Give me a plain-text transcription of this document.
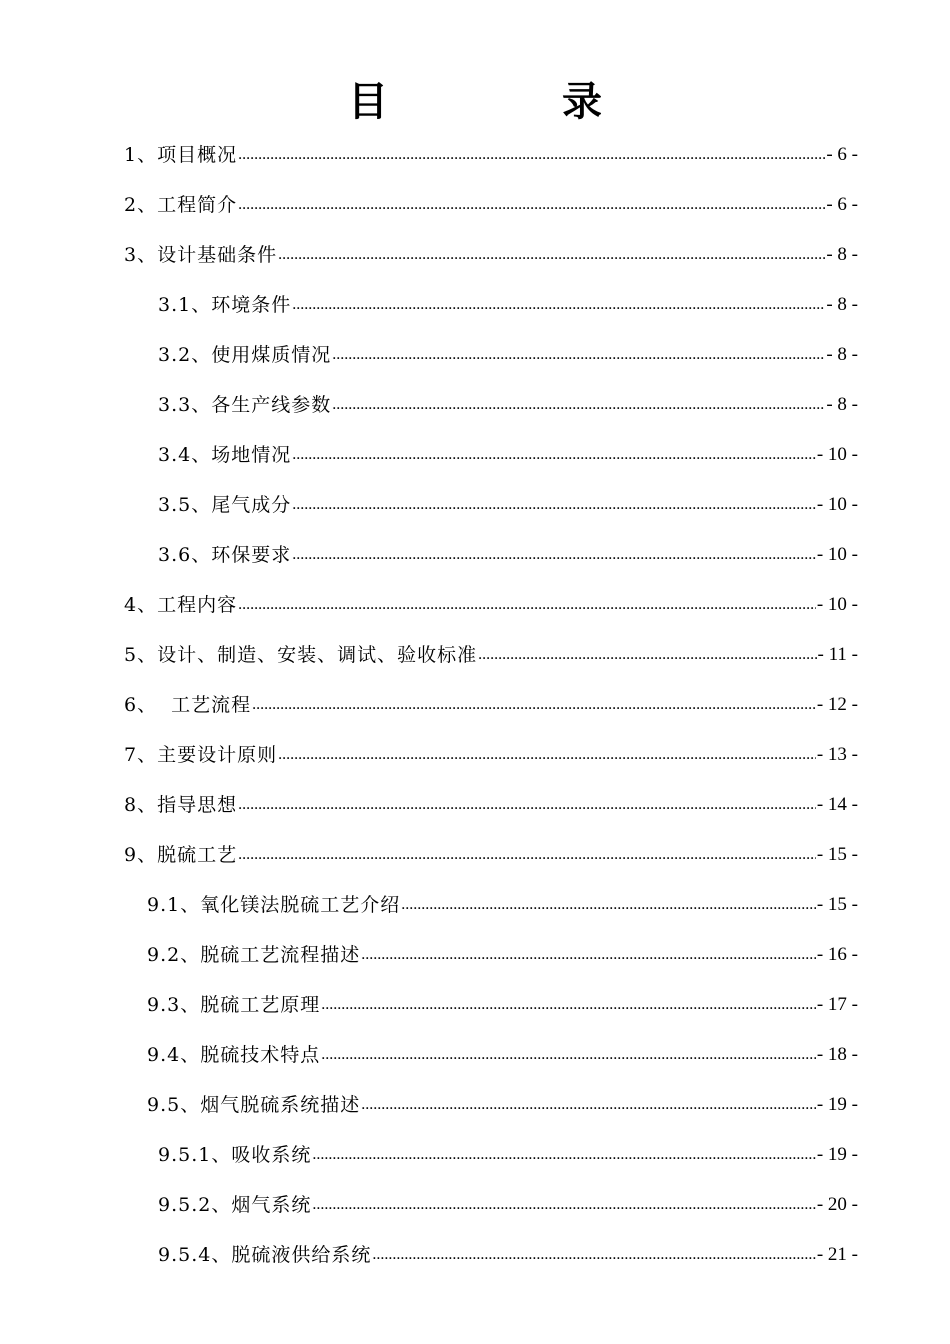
目 录
1、项目概况 .....	- 6 -
2、工程简介 .....	- 6 -
3、设计基础条件 .....	- 8 -
3.1、环境条件 .....	- 8 -
3.2、使用煤质情况 .....	- 8 -
3.3、各生产线参数 .....	- 8 -
3.4、场地情况 .....	- 10 -
3.5、尾气成分 .....	- 10 -
3.6、环保要求 .....	- 10 -
4、工程内容 .....	- 10 -
5、设计、制造、安装、调试、验收标准 .....	- 11 -
6、  工艺流程 .....	- 12 -
7、主要设计原则 .....	- 13 -
8、指导思想 .....	- 14 -
9、脱硫工艺 .....	- 15 -
9.1、氧化镁法脱硫工艺介绍 .....	- 15 -
9.2、脱硫工艺流程描述 .....	- 16 -
9.3、脱硫工艺原理 .....	- 17 -
9.4、脱硫技术特点 .....	- 18 -
9.5、烟气脱硫系统描述 .....	- 19 -
9.5.1、吸收系统 .....	- 19 -
9.5.2、烟气系统 .....	- 20 -
9.5.4、脱硫液供给系统 .....	- 21 -
